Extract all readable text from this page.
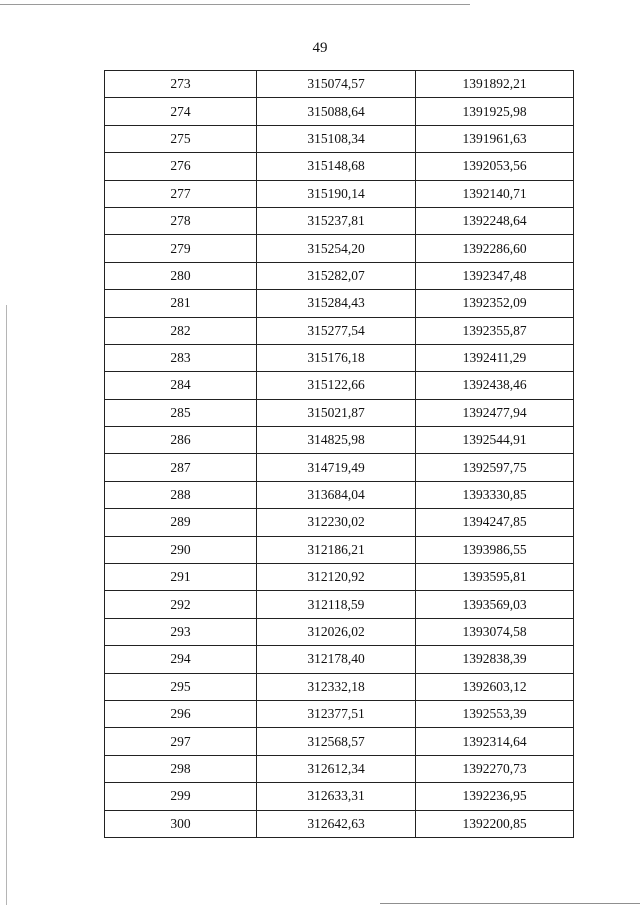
49
273	315074,57	1391892,21
274	315088,64	1391925,98
275	315108,34	1391961,63
276	315148,68	1392053,56
277	315190,14	1392140,71
278	315237,81	1392248,64
279	315254,20	1392286,60
280	315282,07	1392347,48
281	315284,43	1392352,09
282	315277,54	1392355,87
283	315176,18	1392411,29
284	315122,66	1392438,46
285	315021,87	1392477,94
286	314825,98	1392544,91
287	314719,49	1392597,75
288	313684,04	1393330,85
289	312230,02	1394247,85
290	312186,21	1393986,55
291	312120,92	1393595,81
292	312118,59	1393569,03
293	312026,02	1393074,58
294	312178,40	1392838,39
295	312332,18	1392603,12
296	312377,51	1392553,39
297	312568,57	1392314,64
298	312612,34	1392270,73
299	312633,31	1392236,95
300	312642,63	1392200,85
